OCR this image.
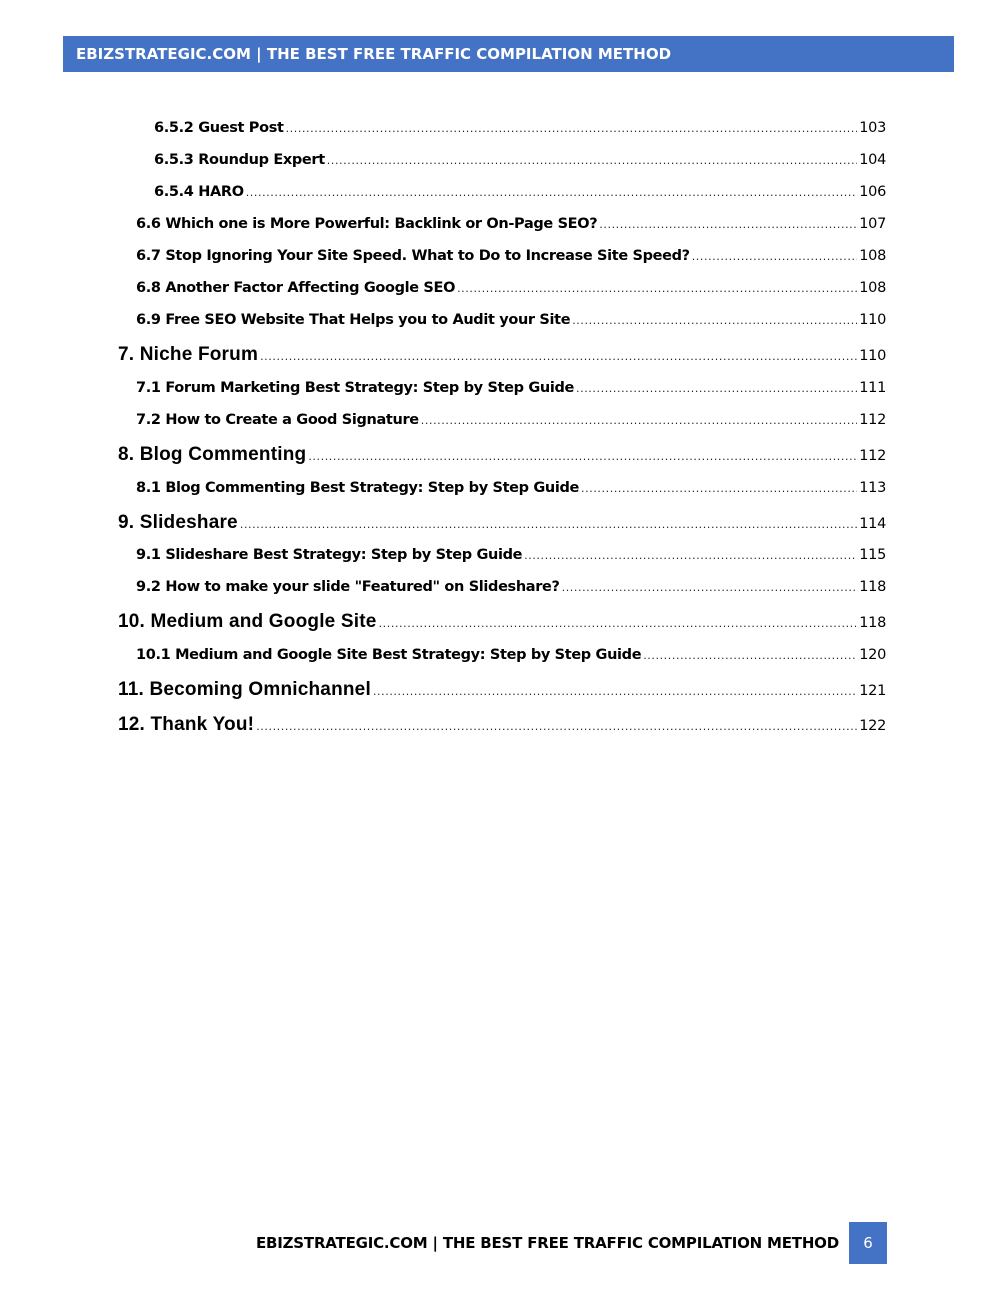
EBIZSTRATEGIC.COM | THE BEST FREE TRAFFIC COMPILATION METHOD
6.5.2 Guest Post .....	103
6.5.3 Roundup Expert .....	104
6.5.4 HARO .....	106
6.6 Which one is More Powerful: Backlink or On-Page SEO? .....	107
6.7 Stop Ignoring Your Site Speed. What to Do to Increase Site Speed? .....	108
6.8 Another Factor Affecting Google SEO .....	108
6.9 Free SEO Website That Helps you to Audit your Site .....	110
7. Niche Forum .....	110
7.1 Forum Marketing Best Strategy: Step by Step Guide .....	111
7.2 How to Create a Good Signature .....	112
8. Blog Commenting .....	112
8.1 Blog Commenting Best Strategy: Step by Step Guide .....	113
9. Slideshare .....	114
9.1 Slideshare Best Strategy: Step by Step Guide .....	115
9.2 How to make your slide "Featured" on Slideshare? .....	118
10. Medium and Google Site .....	118
10.1 Medium and Google Site Best Strategy: Step by Step Guide .....	120
11. Becoming Omnichannel .....	121
12. Thank You! .....	122
EBIZSTRATEGIC.COM | THE BEST FREE TRAFFIC COMPILATION METHOD 6
